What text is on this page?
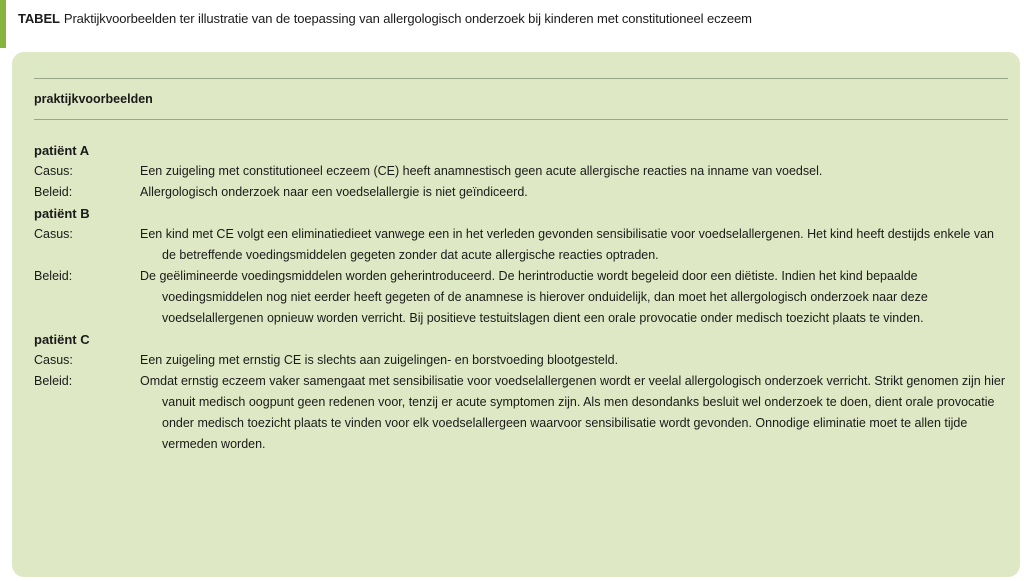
TABEL Praktijkvoorbeelden ter illustratie van de toepassing van allergologisch onderzoek bij kinderen met constitutioneel eczeem
praktijkvoorbeelden
patiënt A
Casus:	Een zuigeling met constitutioneel eczeem (CE) heeft anamnestisch geen acute allergische reacties na inname van voedsel.
Beleid:	Allergologisch onderzoek naar een voedselallergie is niet geïndiceerd.
patiënt B
Casus:	Een kind met CE volgt een eliminatiedieet vanwege een in het verleden gevonden sensibilisatie voor voedselallergenen. Het kind heeft destijds enkele van de betreffende voedingsmiddelen gegeten zonder dat acute allergische reacties optraden.
Beleid:	De geëlimineerde voedingsmiddelen worden geherintroduceerd. De herintroductie wordt begeleid door een diëtiste. Indien het kind bepaalde voedingsmiddelen nog niet eerder heeft gegeten of de anamnese is hierover onduidelijk, dan moet het allergologisch onderzoek naar deze voedselallergenen opnieuw worden verricht. Bij positieve testuitslagen dient een orale provocatie onder medisch toezicht plaats te vinden.
patiënt C
Casus:	Een zuigeling met ernstig CE is slechts aan zuigelingen- en borstvoeding blootgesteld.
Beleid:	Omdat ernstig eczeem vaker samengaat met sensibilisatie voor voedselallergenen wordt er veelal allergologisch onderzoek verricht. Strikt genomen zijn hier vanuit medisch oogpunt geen redenen voor, tenzij er acute symptomen zijn. Als men desondanks besluit wel onderzoek te doen, dient orale provocatie onder medisch toezicht plaats te vinden voor elk voedselallergeen waarvoor sensibilisatie wordt gevonden. Onnodige eliminatie moet te allen tijde vermeden worden.
